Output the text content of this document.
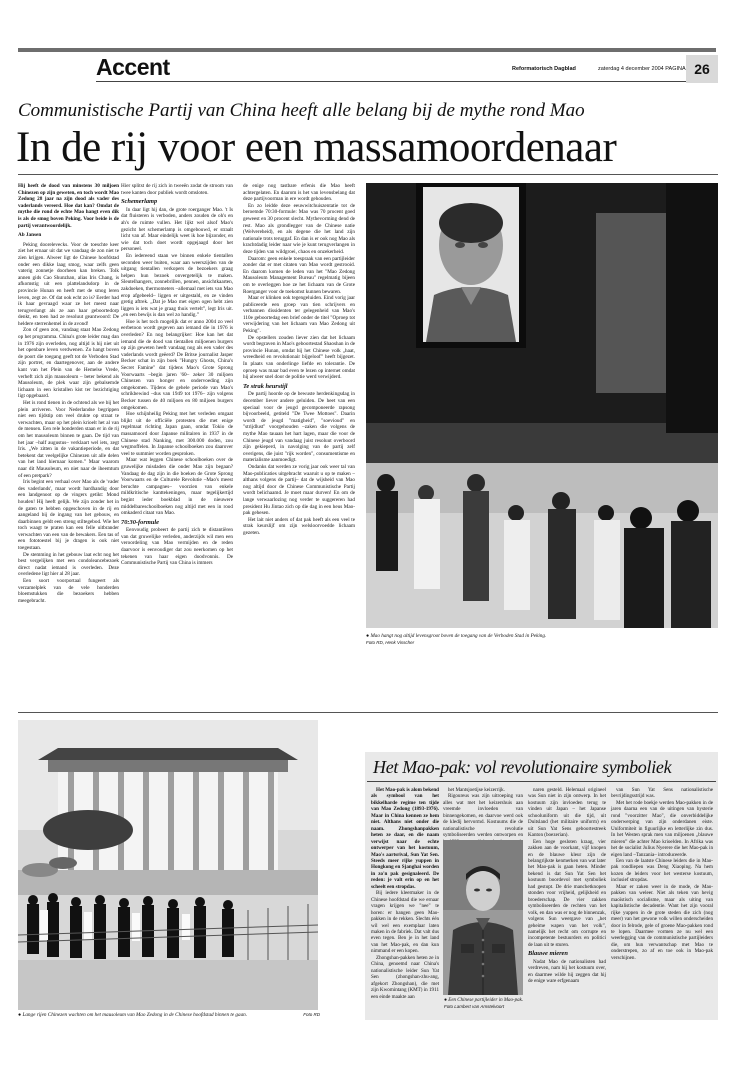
Accent	Reformatorisch Dagblad	zaterdag 4 december 2004 PAGINA 26
Communistische Partij van China heeft alle belang bij de mythe rond Mao
In de rij voor een massamoordenaar

Hij heeft de dood van minstens 30 miljoen Chinezen op zijn geweten, en toch wordt Mao Zedong 28 jaar na zijn dood als vader des vaderlands vereerd. Hoe dat kan? Omdat de mythe die rond de echte Mao hangt even dik is als de smog boven Peking. Voor beide is de partij verantwoordelijk.

Ab Jansen

Peking doorelevecks. Voor de toeschte keer ziet het ernaar uit dat we vandaag de zon niet te zien krijgen. Alweer ligt de Chinese hoofdstad onder een dikke laag smog, waar zelfs geen vaterig zonnetje doorheen kan breken. Tolk annen gids Cao Shunzhan, alias Iris Chang, is afkomstig uit een plattelandsdorp in de provincie Hunan en heeft met de smog leren leven, zegt ze. Of dat ook echt zo is? Eerder had ik haar gevraagd waar ze het meest naar terugverlangt als ze aan haar geboortedorp denkt, en toen had ze resoluut geantwoord: De heldere sterrenhemel in de avond!

Zon of geen zon, vandaag staat Mao Zedong op het programma. China's grote leider mag dan in 1976 zijn overleden, nog altijd is hij niet uit het openbare leven verdwenen. Zo hangt boven de poort die toegang geeft tot de Verboden Stad zijn portret, en daartegenover, aan de andere kant van het Plein van de Hemelse Vrede, verheft zich zijn mausoleum – beter bekend als Mausoleum, de plek waar zijn gebalsemde lichaam in een kristallen kist ter bezichtiging ligt opgebaard.

Het is rond tienen in de ochtend als we bij het plein arriveren. Voor Nederlandse begrippen niet een tijdstip om veel drukte op straat te verwachten, maar op het plein krioelt het al van de mensen. Een rele honderden staan er in de rij om het mausoleum binnen te gaan. De tijd van het jaar –half augustus– verklaart wel iets, zegt Iris. „We zitten in de vakantieperiode, en dat betekent dat veelgelijke Chinezen uit alle delen van het land hiernaar komen.” Maar waarom naar dit Mausoleum, en niet naar de iheemtum of een pretpark?

Iris begint een verhaal over Mao als de 'vader des vaderlands', maar wordt hardhandig door een landgenoot op de vingers getikt: Mond houden! Hij heeft gelijk. We zijn zonder het in de gaten te hebben opgeschoven in de rij en aangeland bij de ingang van het gebouw, en daarbinnen geldt een streng stiltegebod. Wie het toch waagt te praten kan een felle uitbrander verwachten van een van de bewakers. Een tas of een fototoestel bij je dragen is ook niet toegestaan.

De stemming in het gebouw laat echt nog het best vergelijken met een condoleancebezoek direct nadat iemand is overleden. Deze overledene ligt hier al 28 jaar.

Een soort voorportaal fungeert als verzamelplek van de vele honderden bloemstukken die bezoekers hebben meegebracht.

Hier splitst de rij zich in tweeën zodat de stroom van twee kanten door publiek wordt omsloten.

Schemerlamp

In daar ligt hij dan, de grote roerganger Mao. 't Is dat fluisteren is verboden, anders zouden de oh's en ah's de ruimte vullen. Het lijkt wel alsof Mao's gezicht het schemerlamp is omgebouwd, er straalt licht van af. Maar eindelijk weet ik hoe bijzonder, en wie dat toch doet wordt opgejaagd door het personeel.

En iedereend staan we binnen enkele tientallen seconden weer buiten, waar aan weerszijden van de uitgang tientallen verkopers de bezoekers graag helpen hun bezoek onvergetelijk te maken. Sleutelhangers, zonnebrillen, pennen, ansichtkaarten, zakdoeken, thermometers –allemaal met iets van Mao erop afgebeeld– liggen er uitgestald, en ze vinden gretig aftrek. „Dat je Mao met eigen ogen hebt zien liggen is iets wat je graag thuis vertelt”, legt Iris uit. „en een bewijs is dan wel zo handig.”

Hoe is het toch mogelijk dat er anno 2004 zo veel eerbetoon wordt gegeven aan iemand die in 1976 is overleden? En nog belangrijker: Hoe kan het dat iemand die de dood van tientallen miljoenen burgers op zijn geweten heeft vandaag nog als een vader des vaderlands wordt geëerd? De Britse journalist Jasper Becker schat in zijn boek "Hungry Ghosts, China's Secret Famine" dat tijdens Mao's Grote Sprong Voorwaarts –begin jaren '60– zeker 30 miljoen Chinezen van honger en ondervoeding zijn omgekomen. Tijdens de gehele periode van Mao's schrikbewind –dus van 1949 tot 1976– zijn volgens Becker tussen de 40 miljoen en 80 miljoen burgers omgekomen.

Hoe schijnheilig Peking met het verleden omgaat blijkt uit de officiële protesten die met enige regelmaat richting Japan gaan, omdat Tokio de massamoord door Japanse militairen in 1937 in de Chinese stad Nanking, met 300.000 doden, zou wegmoffelen. In Japanse schoolboeken zou daarover veel te summier worden gesproken.

Maar wat leggen Chinese schoolboeken over de gruwelijke misdaden die onder Mao zijn begaan? Vandaag de dag zijn in die boeken de Grote Sprong Voorwaarts en de Culturele Revolutie –Mao's meest beruchte campagnes– voorzien van enkele mildkritische kanttekeningen, maar tegelijkertijd begint ieder boekblad in de nieuwere middelbareschoolboeken nog altijd met een in rood omkaderd citaat van Mao.

70:30-formule

Eenvoudig probeert de partij zich te distantiëren van dat gruwelijke verleden, anderzijds wil men een veroordeling van Mao vermijden en de reden daarvoor is eenvoudiger dat zou neerkomen op het tekenen van haar eigen doodvonnis. De Communistische Partij van China is immers

de enige nog tastbare erfenis die Mao heeft achtergelaten. En daarom is het van levensbelang dat deze partijvoorman in ere wordt gehouden.

En zo leidde deze eeuwwitchuiszentatie tot de beroemde 70:30-formule: Mao was 70 procent goed geweest en 30 procent slecht. Mythevorming dend de rest. Mao als grondlegger van de Chinese natie (Welvereheid), en als degene die het land zijn nationale trots teruggaf. En dan is er ook nog Mao als krachtdadig leider naar wie je kunt terugverlangen in deze tijden van wildgroei, chaos en onzekerheid.

Daarom: geen enkele toespraak van een partijleider zonder dat er met citaten van Mao wordt gestrooid. En daarom komen de leden van het "Mao Zedong Mausoleum Management Bureau" regelmatig bijeen om te overleggen hoe ze het lichaam van de Grote Roerganger voor de toekomst kunnen bewaren.

Maar er klinken ook tegengeluiden. Eind vorig jaar publiceerde een groep van tien schrijvers en verbannen dissidenten ter gelegenheid van Mao's 110e geboortedag een brief onder de titel "Oproep tot verwijdering van het lichaam van Mao Zedong uit Peking".

De opstellers zouden liever zien dat het lichaam wordt begraven in Mao's geboortestad Shaoshan in de provincie Hunan, omdat hij het Chinese volk „haat, wreedheid en revolutionair bijgeloof” heeft bijgezet. In plaats van onderlinge liefde en tolerantie. De oproep was maar bad even te lezen op internet omdat hij alweer snel door de politie werd verwijderd.

Te strak heurstijl

De partij hoorde op de bewuste herdenkingsdag in december liever andere geluiden. De heet van een speciaal voor de jeugd gecomponeerde rapsong bijvoorbeeld, getiteld "De Twee Mottoes". Daarin wordt de jeugd "matigheid", "soevioud" en "strijdlust" voorgehouden –zaken die volgens de mythe Mao tauaan het hart lagen, maar die voor de Chinese jeugd van vandaag juist resoluut overboord zijn gekieperd, in navolging van de partij zelf overigens, die juist "rijk worden", consumentisme en materialisme aanmoedigt.

Ondanks dat werden ze vorig jaar ook weer tal van Mao-publicaties uitgebracht waaruit u op te maken –althans volgens de partij– dat de wijsheid van Mao nog altijd door de Chinese Communistische Partij wordt belichaamd. Je moet maar durven! En om de lange verwaarlozing nog verder te suggereren had president Hu Jintao zich op die dag in een heus Mao-pak gehesen.

Het lait niet anders of dat pak heeft als een veel te strak keurslijf om zijn welsloorvoedde lichaam gezeten.

● Mao hangt nog altijd levensgroot boven de toegang van de Verboden Stad in Peking.
Foto RD, Henk Visscher
● Lange rijen Chinezen wachten om het mausoleum van Mao Zedong in de Chinese hoofdstad binnen te gaan.	Foto RD
Het Mao-pak: vol revolutionaire symboliek

Het Mao-pak is alom bekend als symbool van het bikkelharde regime ten tijde van Mao Zedong (1893-1976). Maar in China kennen ze hem niet. Althans niet onder die naam. Zhongshanpakken heten ze daar, en die naam verwijst naar de echte ontwerper van het kostuum, Mao's aartsrival, Sun Yat Sen. Steeds meer rijke yuppen in Hongkong en Sjanghai worden in zo'n pak gesignaleerd. De reden: je valt erin op en het scheelt een stropdas.

Bij iedere kleermaker in de Chinese hoofdstad die we ernaar vragen krijgen we "nee" te horen: er hangen geen Mao-pakken in de rekken. Slechts één wil wel een exemplaar laten maken in de fabriek. Dat valt dus even tegen. Ben je in het land van het Mao-pak, en dan kun nimmand er een kopen.

Zhongshan-pakken heten ze in China, genoemd naar China's nationalistische leider Sun Yat Sen (zhongshan-zhu-ang, afgekort Zhongshan), die met zijn Kwomintang (KMT) in 1911 een einde maakte aan

het Mantsjoetijse keizerrijk.

Rigoureus was zijn uitroeping van alles wat met het keizershuis aan vreemde invloeden van binnengekomen, en daarvoe werd ook de kledij hervormd. Kostuums die de nationalistische revolutie symboliseerden werden ontworpen en

naren gesteld. Helemaal origineel was Sun niet in zijn ontwerp. In het kostuum zijn invloeden terug te vinden uit Japan – het Japanse schooluniform uit die tijd, uit Duitsland (het militaire uniform) en uit Sun Yat Sens geboortestreek Kanton (boezerian).

Een hoge gesloten kraag, vier zakken aan de voorkant, vijf knopen en de blauwe kleur zijn de belangrijkste kenmerken van wat later het Mao-pak is gaan heten. Minder bekend is dat Sun Yat Sen het kostuum boordevol met symboliek had gestopt. De drie manchetknopen stonden voor vrijheid, gelijkheid en broederschap. De vier zakken symboliseerden de rechten van het volk, en dan was er nog de binnenzak, volgens Sun weergave van „het geheime wapen van het volk”, namelijk het recht om corrupte en incompetente bestuurders en politici de laan uit te sturen.

Blauwe mieren

Nadat Mao de nationalisten had verdreven, nam hij het kostuum over, en daarmee wilde hij zeggen dat hij de enige ware erfgenaam

van Sun Yat Sens nationalistische bevrijdingsstrijd was.

Met het rode boekje werden Mao-pakken in de jaren daarna een van de uitingen van hysterie rond "voorzitter Mao", die onverbiddelijke onderwerping van zijn onderdanen eiste. Uniformiteit in figuurlijke en letterlijke zin dus. In het Westen sprak men van miljoenen „blauwe mieren” die achter Mao krioelden. In Afrika was het de socialist Julius Nyerere die het Mao-pak in eigen land –Tanzania– introduceerde.

Een van de laatste Chinese leiders die in Mao-pak rondliepen was Deng Xiaoping. Na hem kozen de leiders voor het westerse kostuum, inclusief stropdas.

Maar er zaken weer in de mode, de Mao-pakken van weleer. Niet als teken van hevig maoïstisch socialisme, maar als uiting van kapitalistische decadentie. Want het zijn vooral rijke yuppen in de grote steden die zich (nog meer) van het gewone volk willen onderscheiden door in felrode, gele of groene Mao-pakken rond te lopen. Daarmee vormen ze nu wel een weerlegging van de communistische partijleiders die, om hun verwantschap met Mao te onderstrepen, zo af en toe ook in Mao-pak verschijnen.

● Een Chinese partijleider in Mao-pak.
Foto Lambert van Amstelvoort
